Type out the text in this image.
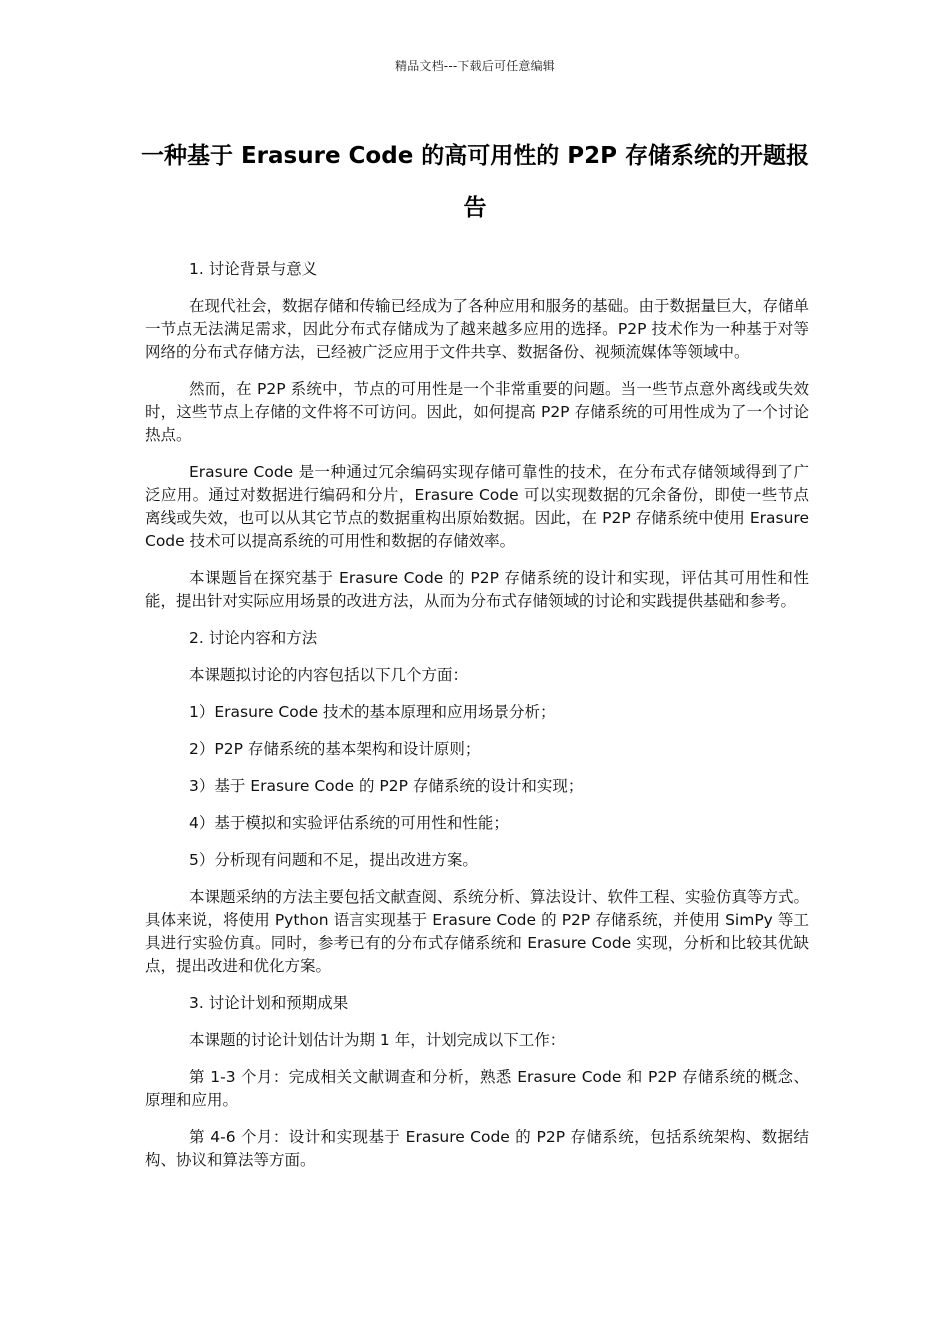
精品文档---下载后可任意编辑
一种基于 Erasure Code 的高可用性的 P2P 存储系统的开题报告

1. 讨论背景与意义

在现代社会，数据存储和传输已经成为了各种应用和服务的基础。由于数据量巨大，存储单一节点无法满足需求，因此分布式存储成为了越来越多应用的选择。P2P 技术作为一种基于对等网络的分布式存储方法，已经被广泛应用于文件共享、数据备份、视频流媒体等领域中。

然而，在 P2P 系统中，节点的可用性是一个非常重要的问题。当一些节点意外离线或失效时，这些节点上存储的文件将不可访问。因此，如何提高 P2P 存储系统的可用性成为了一个讨论热点。

Erasure Code 是一种通过冗余编码实现存储可靠性的技术，在分布式存储领域得到了广泛应用。通过对数据进行编码和分片，Erasure Code 可以实现数据的冗余备份，即使一些节点离线或失效，也可以从其它节点的数据重构出原始数据。因此，在 P2P 存储系统中使用 Erasure Code 技术可以提高系统的可用性和数据的存储效率。

本课题旨在探究基于 Erasure Code 的 P2P 存储系统的设计和实现，评估其可用性和性能，提出针对实际应用场景的改进方法，从而为分布式存储领域的讨论和实践提供基础和参考。

2. 讨论内容和方法

本课题拟讨论的内容包括以下几个方面：

1）Erasure Code 技术的基本原理和应用场景分析；

2）P2P 存储系统的基本架构和设计原则；

3）基于 Erasure Code 的 P2P 存储系统的设计和实现；

4）基于模拟和实验评估系统的可用性和性能；

5）分析现有问题和不足，提出改进方案。

本课题采纳的方法主要包括文献查阅、系统分析、算法设计、软件工程、实验仿真等方式。具体来说，将使用 Python 语言实现基于 Erasure Code 的 P2P 存储系统，并使用 SimPy 等工具进行实验仿真。同时，参考已有的分布式存储系统和 Erasure Code 实现，分析和比较其优缺点，提出改进和优化方案。

3. 讨论计划和预期成果

本课题的讨论计划估计为期 1 年，计划完成以下工作：

第 1-3 个月：完成相关文献调查和分析，熟悉 Erasure Code 和 P2P 存储系统的概念、原理和应用。

第 4-6 个月：设计和实现基于 Erasure Code 的 P2P 存储系统，包括系统架构、数据结构、协议和算法等方面。
